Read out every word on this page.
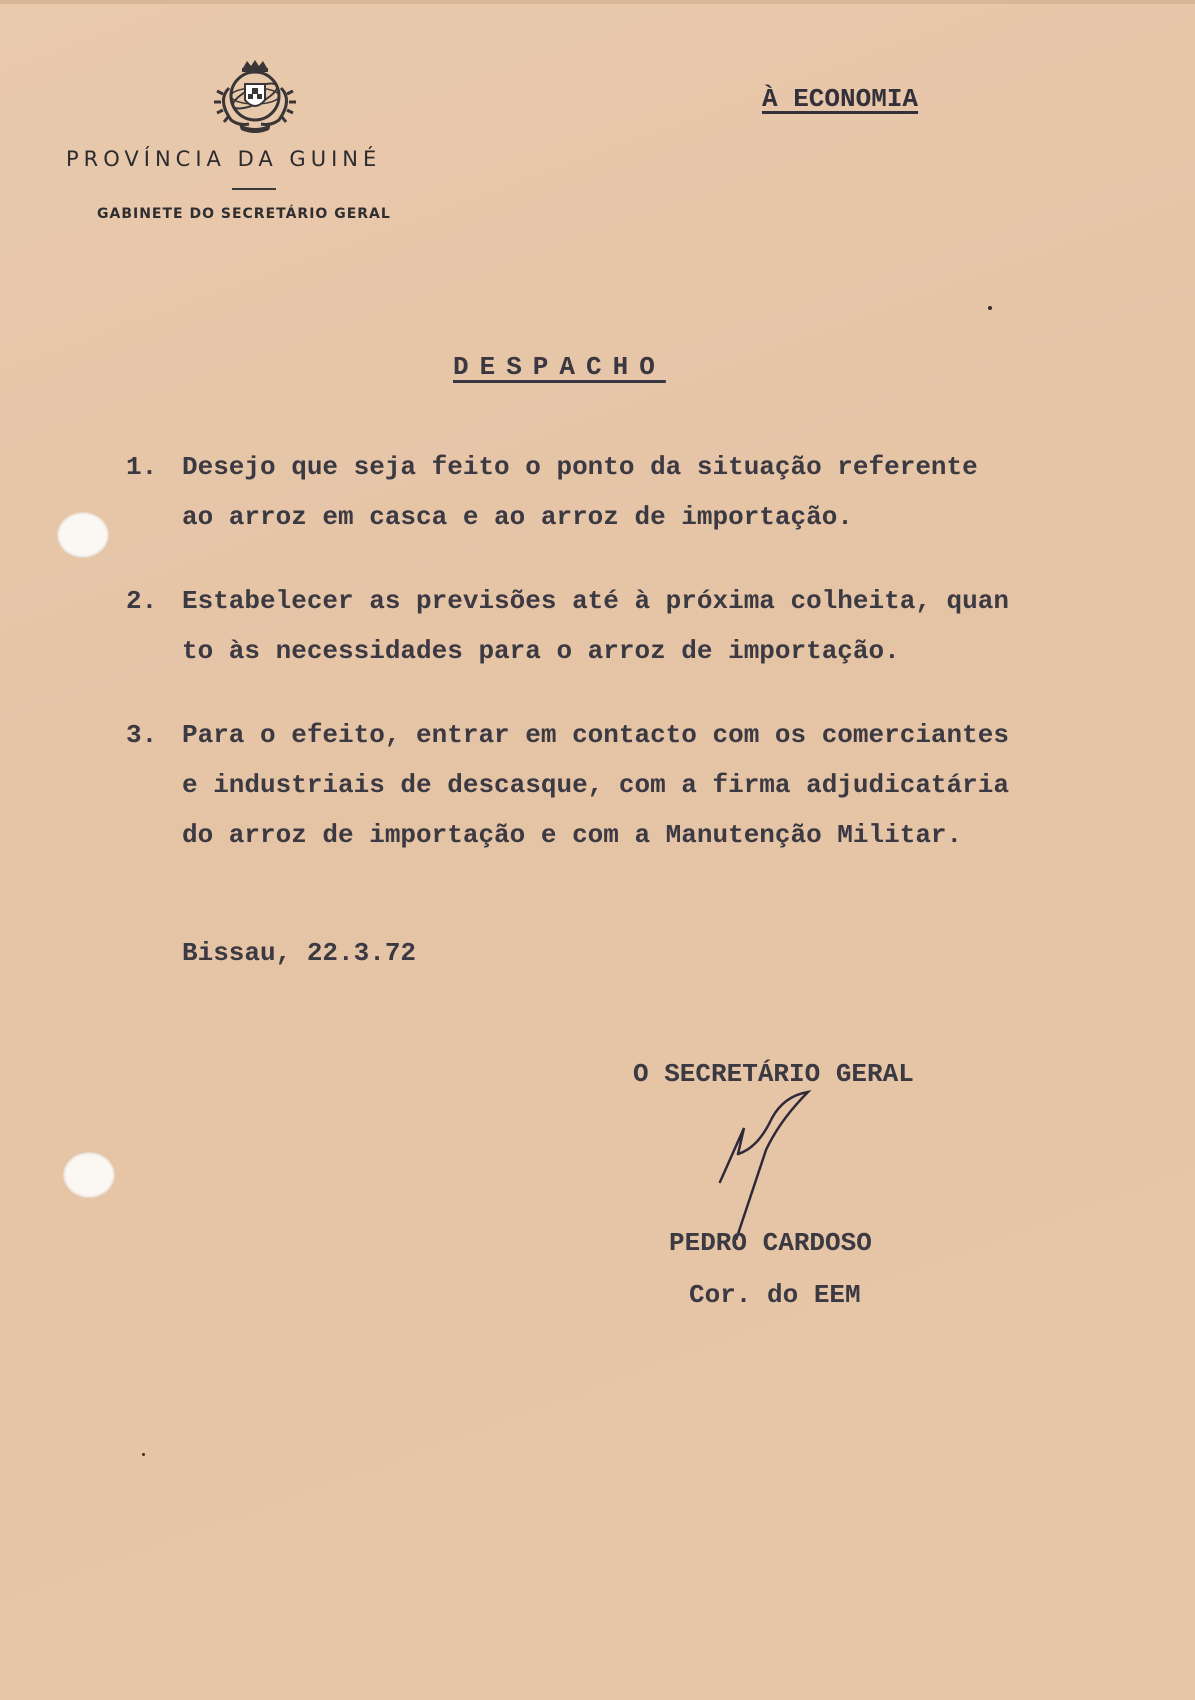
PROVÍNCIA DA GUINÉ
GABINETE DO SECRETÁRIO GERAL
À ECONOMIA
DESPACHO
1. Desejo que seja feito o ponto da situação referente
ao arroz em casca e ao arroz de importação.
2. Estabelecer as previsões até à próxima colheita, quan
to às necessidades para o arroz de importação.
3. Para o efeito, entrar em contacto com os comerciantes
e industriais de descasque, com a firma adjudicatária
do arroz de importação e com a Manutenção Militar.
Bissau, 22.3.72
O SECRETÁRIO GERAL
PEDRO CARDOSO
Cor. do EEM
